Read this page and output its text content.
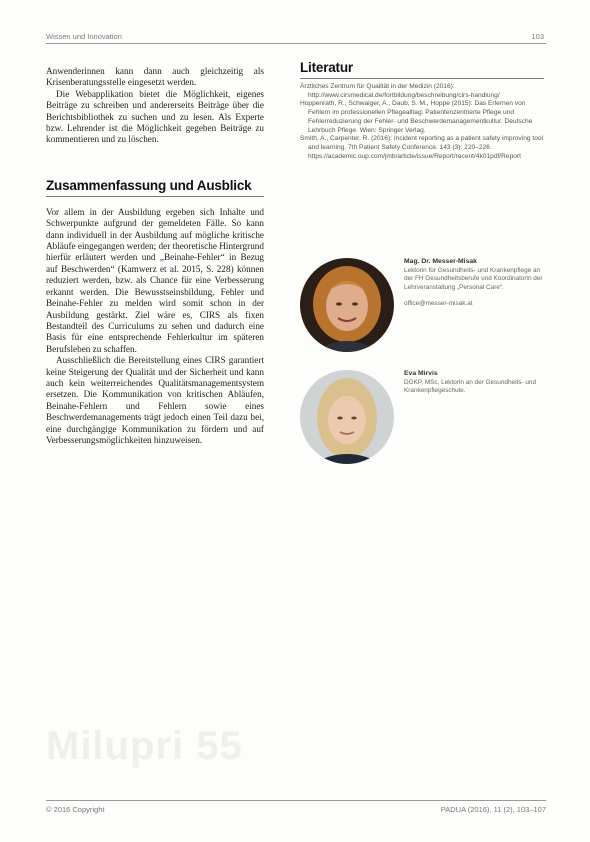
Wissen und Innovation	103

Anwenderinnen kann dann auch gleichzeitig als Krisenberatungsstelle eingesetzt werden.

Die Webapplikation bietet die Möglichkeit, eigenes Beiträge zu schreiben und andererseits Beiträge über die Berichtsbibliothek zu suchen und zu lesen. Als Experte bzw. Lehrender ist die Möglichkeit gegeben Beiträge zu kommentieren und zu löschen.

Zusammenfassung und Ausblick

Vor allem in der Ausbildung ergeben sich Inhalte und Schwerpunkte aufgrund der gemeldeten Fälle. So kann dann individuell in der Ausbildung auf mögliche kritische Abläufe eingegangen werden; der theoretische Hintergrund hierfür erläutert werden und „Beinahe-Fehler“ in Bezug auf Beschwerden“ (Kamwerz et al. 2015, S. 228) können reduziert werden, bzw. als Chance für eine Verbesserung erkannt werden. Die Bewusstseinsbildung, Fehler und Beinahe-Fehler zu melden wird somit schon in der Ausbildung gestärkt. Ziel wäre es, CIRS als fixen Bestandteil des Curriculums zu sehen und dadurch eine Basis für eine entsprechende Fehlerkultur im späteren Berufsleben zu schaffen.

Ausschließlich die Bereitstellung eines CIRS garantiert keine Steigerung der Qualität und der Sicherheit und kann auch kein weiterreichendes Qualitätsmanagementsystem ersetzen. Die Kommunikation von kritischen Abläufen, Beinahe-Fehlern und Fehlern sowie eines Beschwerdemanagements trägt jedoch einen Teil dazu bei, eine durchgängige Kommunikation zu fördern und auf Verbesserungsmöglichkeiten hinzuweisen.

Literatur

Ärztliches Zentrum für Qualität in der Medizin (2016): http://www.cirsmedical.de/fortbildung/beschreibung/cirs-handlung/

Hoppenrath, R., Schwaiger, A., Daub, S. M., Hoppe (2015): Das Erlernen von Fehlern im professionellen Pflegealltag: Patientenzentrierte Pflege und Fehlerreduzierung der Fehler- und Beschwerdemanagementkultur. Deutsche Lehrbuch Pflege. Wien: Springer Verlag.

Smith, A., Carpenter, R. (2016): Incident reporting as a patient safety improving tool and learning. 7th Patient Safety Conference. 143 (3): 220–226. https://academic.oup.com/jmb/article/issue/Report/recent/4k01pdf/Report

Mag. Dr. Messer-Misak

Lektorin für Gesundheits- und Krankenpflege an der FH Gesundheitsberufe und Koordinatorin der Lehrveranstaltung „Personal Care“.

office@messer-misak.at

Eva Mirvis

DGKP, MSc, Lektorin an der Gesundheits- und Krankenpflegeschule.

Milupri 55
© 2016 Copyright	PADUA (2016), 11 (2), 103–107
